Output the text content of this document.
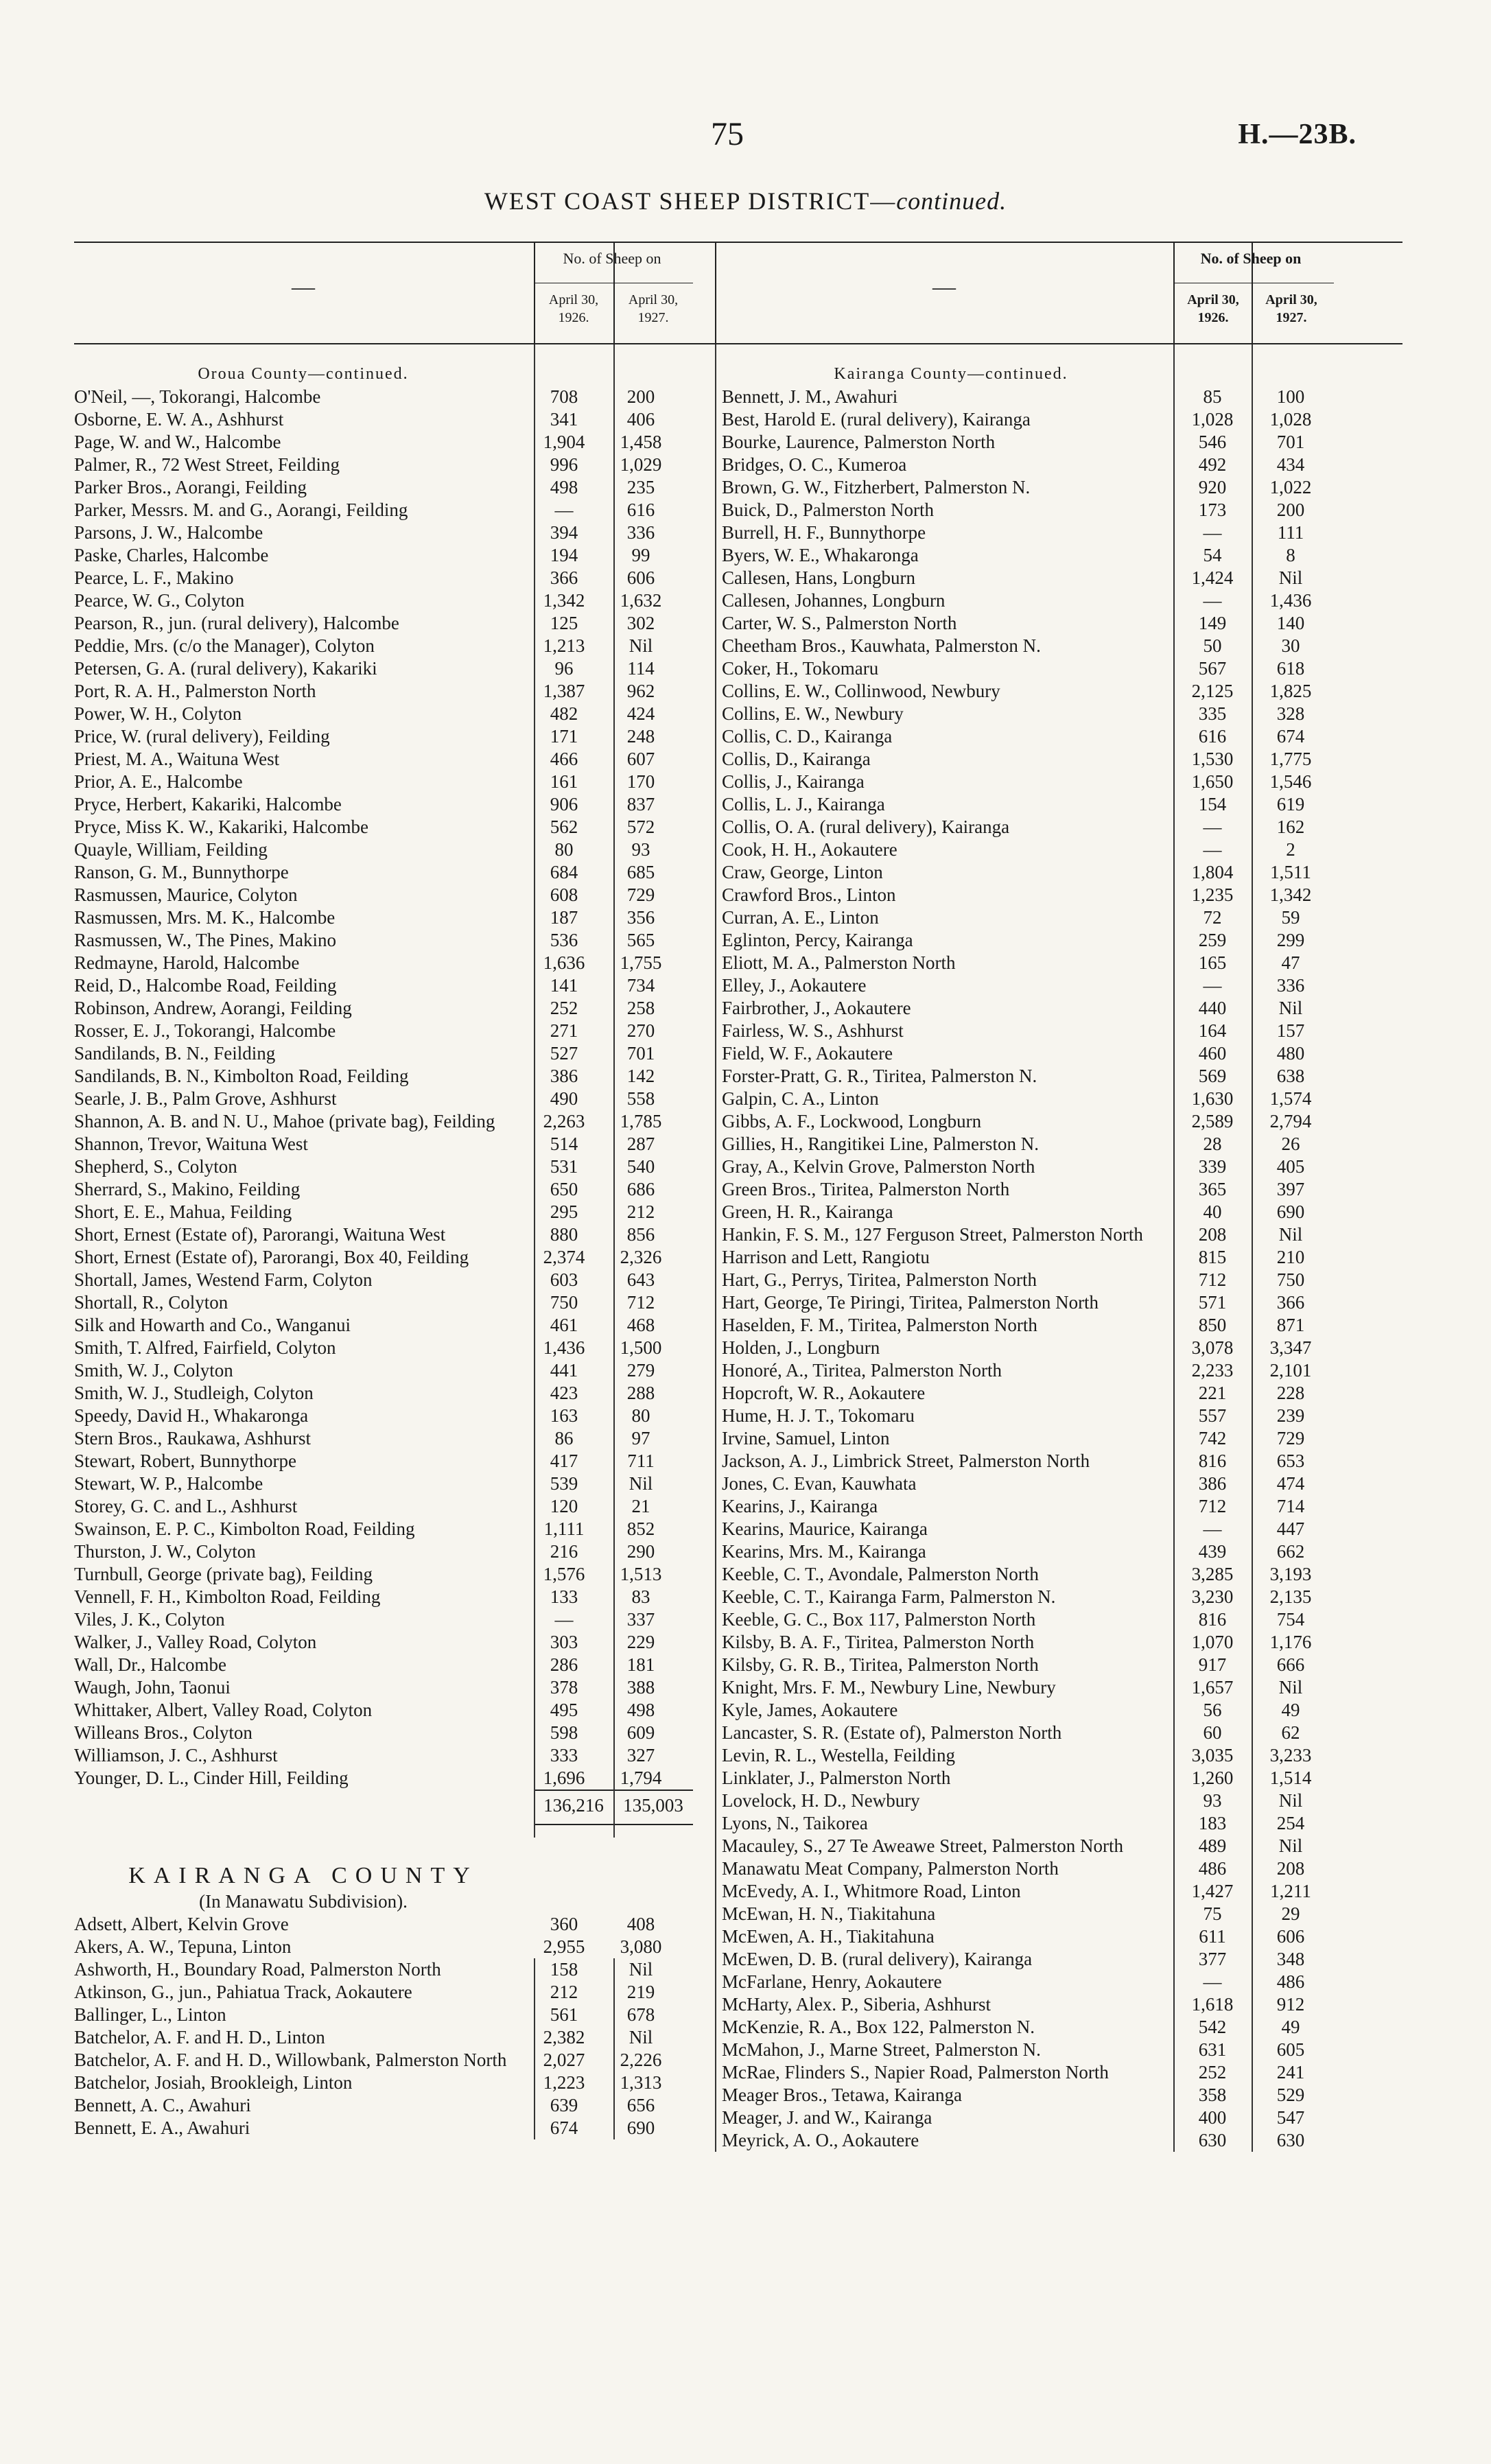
75	H.—23B.
WEST COAST SHEEP DISTRICT—continued.
—
No. of Sheep on
April 30, 1926.
April 30, 1927.
Oroua County—continued.
O'Neil, —, Tokorangi, Halcombe	708	200
Osborne, E. W. A., Ashhurst	341	406
Page, W. and W., Halcombe	1,904	1,458
Palmer, R., 72 West Street, Feilding	996	1,029
Parker Bros., Aorangi, Feilding	498	235
Parker, Messrs. M. and G., Aorangi, Feilding	—	616
Parsons, J. W., Halcombe	394	336
Paske, Charles, Halcombe	194	99
Pearce, L. F., Makino	366	606
Pearce, W. G., Colyton	1,342	1,632
Pearson, R., jun. (rural delivery), Halcombe	125	302
Peddie, Mrs. (c/o the Manager), Colyton	1,213	Nil
Petersen, G. A. (rural delivery), Kakariki	96	114
Port, R. A. H., Palmerston North	1,387	962
Power, W. H., Colyton	482	424
Price, W. (rural delivery), Feilding	171	248
Priest, M. A., Waituna West	466	607
Prior, A. E., Halcombe	161	170
Pryce, Herbert, Kakariki, Halcombe	906	837
Pryce, Miss K. W., Kakariki, Halcombe	562	572
Quayle, William, Feilding	80	93
Ranson, G. M., Bunnythorpe	684	685
Rasmussen, Maurice, Colyton	608	729
Rasmussen, Mrs. M. K., Halcombe	187	356
Rasmussen, W., The Pines, Makino	536	565
Redmayne, Harold, Halcombe	1,636	1,755
Reid, D., Halcombe Road, Feilding	141	734
Robinson, Andrew, Aorangi, Feilding	252	258
Rosser, E. J., Tokorangi, Halcombe	271	270
Sandilands, B. N., Feilding	527	701
Sandilands, B. N., Kimbolton Road, Feilding	386	142
Searle, J. B., Palm Grove, Ashhurst	490	558
Shannon, A. B. and N. U., Mahoe (private bag), Feilding	2,263	1,785
Shannon, Trevor, Waituna West	514	287
Shepherd, S., Colyton	531	540
Sherrard, S., Makino, Feilding	650	686
Short, E. E., Mahua, Feilding	295	212
Short, Ernest (Estate of), Parorangi, Waituna West	880	856
Short, Ernest (Estate of), Parorangi, Box 40, Feilding	2,374	2,326
Shortall, James, Westend Farm, Colyton	603	643
Shortall, R., Colyton	750	712
Silk and Howarth and Co., Wanganui	461	468
Smith, T. Alfred, Fairfield, Colyton	1,436	1,500
Smith, W. J., Colyton	441	279
Smith, W. J., Studleigh, Colyton	423	288
Speedy, David H., Whakaronga	163	80
Stern Bros., Raukawa, Ashhurst	86	97
Stewart, Robert, Bunnythorpe	417	711
Stewart, W. P., Halcombe	539	Nil
Storey, G. C. and L., Ashhurst	120	21
Swainson, E. P. C., Kimbolton Road, Feilding	1,111	852
Thurston, J. W., Colyton	216	290
Turnbull, George (private bag), Feilding	1,576	1,513
Vennell, F. H., Kimbolton Road, Feilding	133	83
Viles, J. K., Colyton	—	337
Walker, J., Valley Road, Colyton	303	229
Wall, Dr., Halcombe	286	181
Waugh, John, Taonui	378	388
Whittaker, Albert, Valley Road, Colyton	495	498
Willeans Bros., Colyton	598	609
Williamson, J. C., Ashhurst	333	327
Younger, D. L., Cinder Hill, Feilding	1,696	1,794
136,216	135,003
KAIRANGA COUNTY
(In Manawatu Subdivision).
Adsett, Albert, Kelvin Grove	360	408
Akers, A. W., Tepuna, Linton	2,955	3,080
Ashworth, H., Boundary Road, Palmerston North	158	Nil
Atkinson, G., jun., Pahiatua Track, Aokautere	212	219
Ballinger, L., Linton	561	678
Batchelor, A. F. and H. D., Linton	2,382	Nil
Batchelor, A. F. and H. D., Willowbank, Palmerston North	2,027	2,226
Batchelor, Josiah, Brookleigh, Linton	1,223	1,313
Bennett, A. C., Awahuri	639	656
Bennett, E. A., Awahuri	674	690
—
No. of Sheep on
April 30, 1926.
April 30, 1927.
Kairanga County—continued.
Bennett, J. M., Awahuri	85	100
Best, Harold E. (rural delivery), Kairanga	1,028	1,028
Bourke, Laurence, Palmerston North	546	701
Bridges, O. C., Kumeroa	492	434
Brown, G. W., Fitzherbert, Palmerston N.	920	1,022
Buick, D., Palmerston North	173	200
Burrell, H. F., Bunnythorpe	—	111
Byers, W. E., Whakaronga	54	8
Callesen, Hans, Longburn	1,424	Nil
Callesen, Johannes, Longburn	—	1,436
Carter, W. S., Palmerston North	149	140
Cheetham Bros., Kauwhata, Palmerston N.	50	30
Coker, H., Tokomaru	567	618
Collins, E. W., Collinwood, Newbury	2,125	1,825
Collins, E. W., Newbury	335	328
Collis, C. D., Kairanga	616	674
Collis, D., Kairanga	1,530	1,775
Collis, J., Kairanga	1,650	1,546
Collis, L. J., Kairanga	154	619
Collis, O. A. (rural delivery), Kairanga	—	162
Cook, H. H., Aokautere	—	2
Craw, George, Linton	1,804	1,511
Crawford Bros., Linton	1,235	1,342
Curran, A. E., Linton	72	59
Eglinton, Percy, Kairanga	259	299
Eliott, M. A., Palmerston North	165	47
Elley, J., Aokautere	—	336
Fairbrother, J., Aokautere	440	Nil
Fairless, W. S., Ashhurst	164	157
Field, W. F., Aokautere	460	480
Forster-Pratt, G. R., Tiritea, Palmerston N.	569	638
Galpin, C. A., Linton	1,630	1,574
Gibbs, A. F., Lockwood, Longburn	2,589	2,794
Gillies, H., Rangitikei Line, Palmerston N.	28	26
Gray, A., Kelvin Grove, Palmerston North	339	405
Green Bros., Tiritea, Palmerston North	365	397
Green, H. R., Kairanga	40	690
Hankin, F. S. M., 127 Ferguson Street, Palmerston North	208	Nil
Harrison and Lett, Rangiotu	815	210
Hart, G., Perrys, Tiritea, Palmerston North	712	750
Hart, George, Te Piringi, Tiritea, Palmerston North	571	366
Haselden, F. M., Tiritea, Palmerston North	850	871
Holden, J., Longburn	3,078	3,347
Honoré, A., Tiritea, Palmerston North	2,233	2,101
Hopcroft, W. R., Aokautere	221	228
Hume, H. J. T., Tokomaru	557	239
Irvine, Samuel, Linton	742	729
Jackson, A. J., Limbrick Street, Palmerston North	816	653
Jones, C. Evan, Kauwhata	386	474
Kearins, J., Kairanga	712	714
Kearins, Maurice, Kairanga	—	447
Kearins, Mrs. M., Kairanga	439	662
Keeble, C. T., Avondale, Palmerston North	3,285	3,193
Keeble, C. T., Kairanga Farm, Palmerston N.	3,230	2,135
Keeble, G. C., Box 117, Palmerston North	816	754
Kilsby, B. A. F., Tiritea, Palmerston North	1,070	1,176
Kilsby, G. R. B., Tiritea, Palmerston North	917	666
Knight, Mrs. F. M., Newbury Line, Newbury	1,657	Nil
Kyle, James, Aokautere	56	49
Lancaster, S. R. (Estate of), Palmerston North	60	62
Levin, R. L., Westella, Feilding	3,035	3,233
Linklater, J., Palmerston North	1,260	1,514
Lovelock, H. D., Newbury	93	Nil
Lyons, N., Taikorea	183	254
Macauley, S., 27 Te Aweawe Street, Palmerston North	489	Nil
Manawatu Meat Company, Palmerston North	486	208
McEvedy, A. I., Whitmore Road, Linton	1,427	1,211
McEwan, H. N., Tiakitahuna	75	29
McEwen, A. H., Tiakitahuna	611	606
McEwen, D. B. (rural delivery), Kairanga	377	348
McFarlane, Henry, Aokautere	—	486
McHarty, Alex. P., Siberia, Ashhurst	1,618	912
McKenzie, R. A., Box 122, Palmerston N.	542	49
McMahon, J., Marne Street, Palmerston N.	631	605
McRae, Flinders S., Napier Road, Palmerston North	252	241
Meager Bros., Tetawa, Kairanga	358	529
Meager, J. and W., Kairanga	400	547
Meyrick, A. O., Aokautere	630	630
